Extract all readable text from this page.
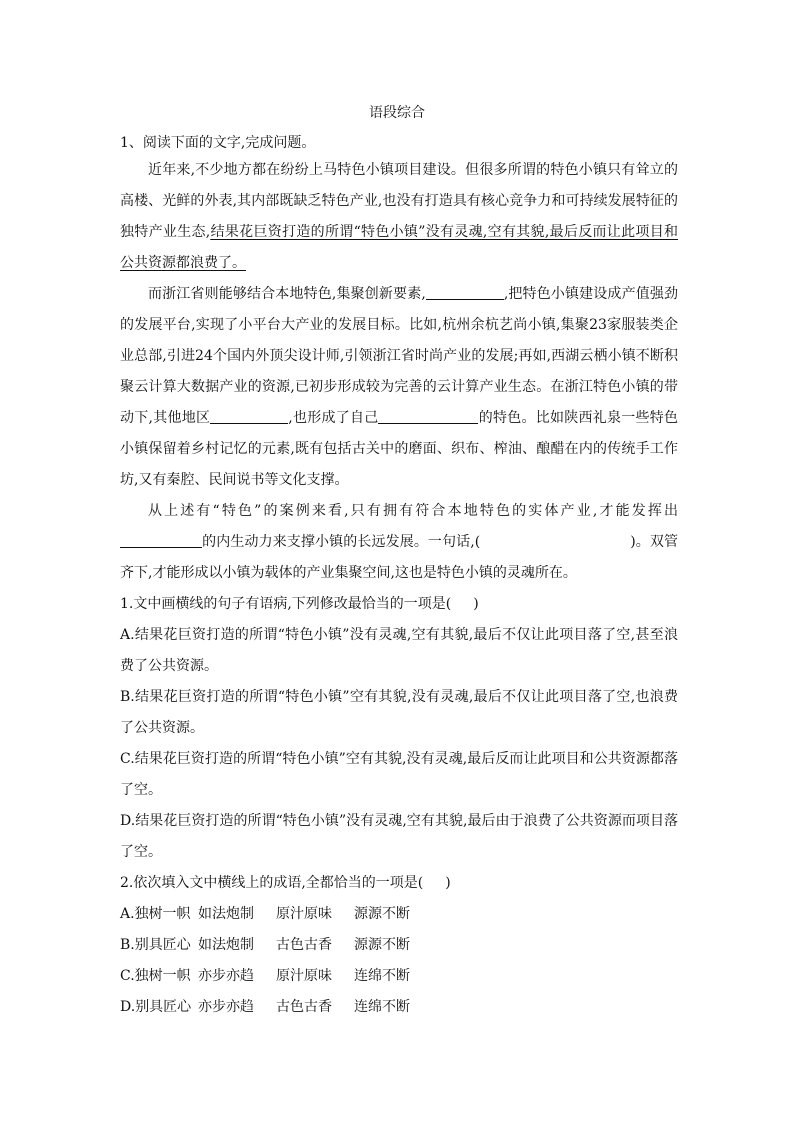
语段综合

1、阅读下面的文字,完成问题。

近年来,不少地方都在纷纷上马特色小镇项目建设。但很多所谓的特色小镇只有耸立的高楼、光鲜的外表,其内部既缺乏特色产业,也没有打造具有核心竞争力和可持续发展特征的独特产业生态,结果花巨资打造的所谓“特色小镇”没有灵魂,空有其貌,最后反而让此项目和公共资源都浪费了。

而浙江省则能够结合本地特色,集聚创新要素,	,把特色小镇建设成产值强劲的发展平台,实现了小平台大产业的发展目标。比如,杭州余杭艺尚小镇,集聚23家服装类企业总部,引进24个国内外顶尖设计师,引领浙江省时尚产业的发展;再如,西湖云栖小镇不断积聚云计算大数据产业的资源,已初步形成较为完善的云计算产业生态。在浙江特色小镇的带动下,其他地区	,也形成了自己	的特色。比如陕西礼泉一些特色小镇保留着乡村记忆的元素,既有包括古关中的磨面、织布、榨油、酿醋在内的传统手工作坊,又有秦腔、民间说书等文化支撑。

从上述有“特色”的案例来看,只有拥有符合本地特色的实体产业,才能发挥出的内生动力来支撑小镇的长远发展。一句话,(	)。双管齐下,才能形成以小镇为载体的产业集聚空间,这也是特色小镇的灵魂所在。

1.文中画横线的句子有语病,下列修改最恰当的一项是( )

A.结果花巨资打造的所谓“特色小镇”没有灵魂,空有其貌,最后不仅让此项目落了空,甚至浪费了公共资源。

B.结果花巨资打造的所谓“特色小镇”空有其貌,没有灵魂,最后不仅让此项目落了空,也浪费了公共资源。

C.结果花巨资打造的所谓“特色小镇”空有其貌,没有灵魂,最后反而让此项目和公共资源都落了空。

D.结果花巨资打造的所谓“特色小镇”没有灵魂,空有其貌,最后由于浪费了公共资源而项目落了空。

2.依次填入文中横线上的成语,全都恰当的一项是( )

A.独树一帜 如法炮制 原汁原味 源源不断

B.别具匠心 如法炮制 古色古香 源源不断

C.独树一帜 亦步亦趋 原汁原味 连绵不断

D.别具匠心 亦步亦趋 古色古香 连绵不断
